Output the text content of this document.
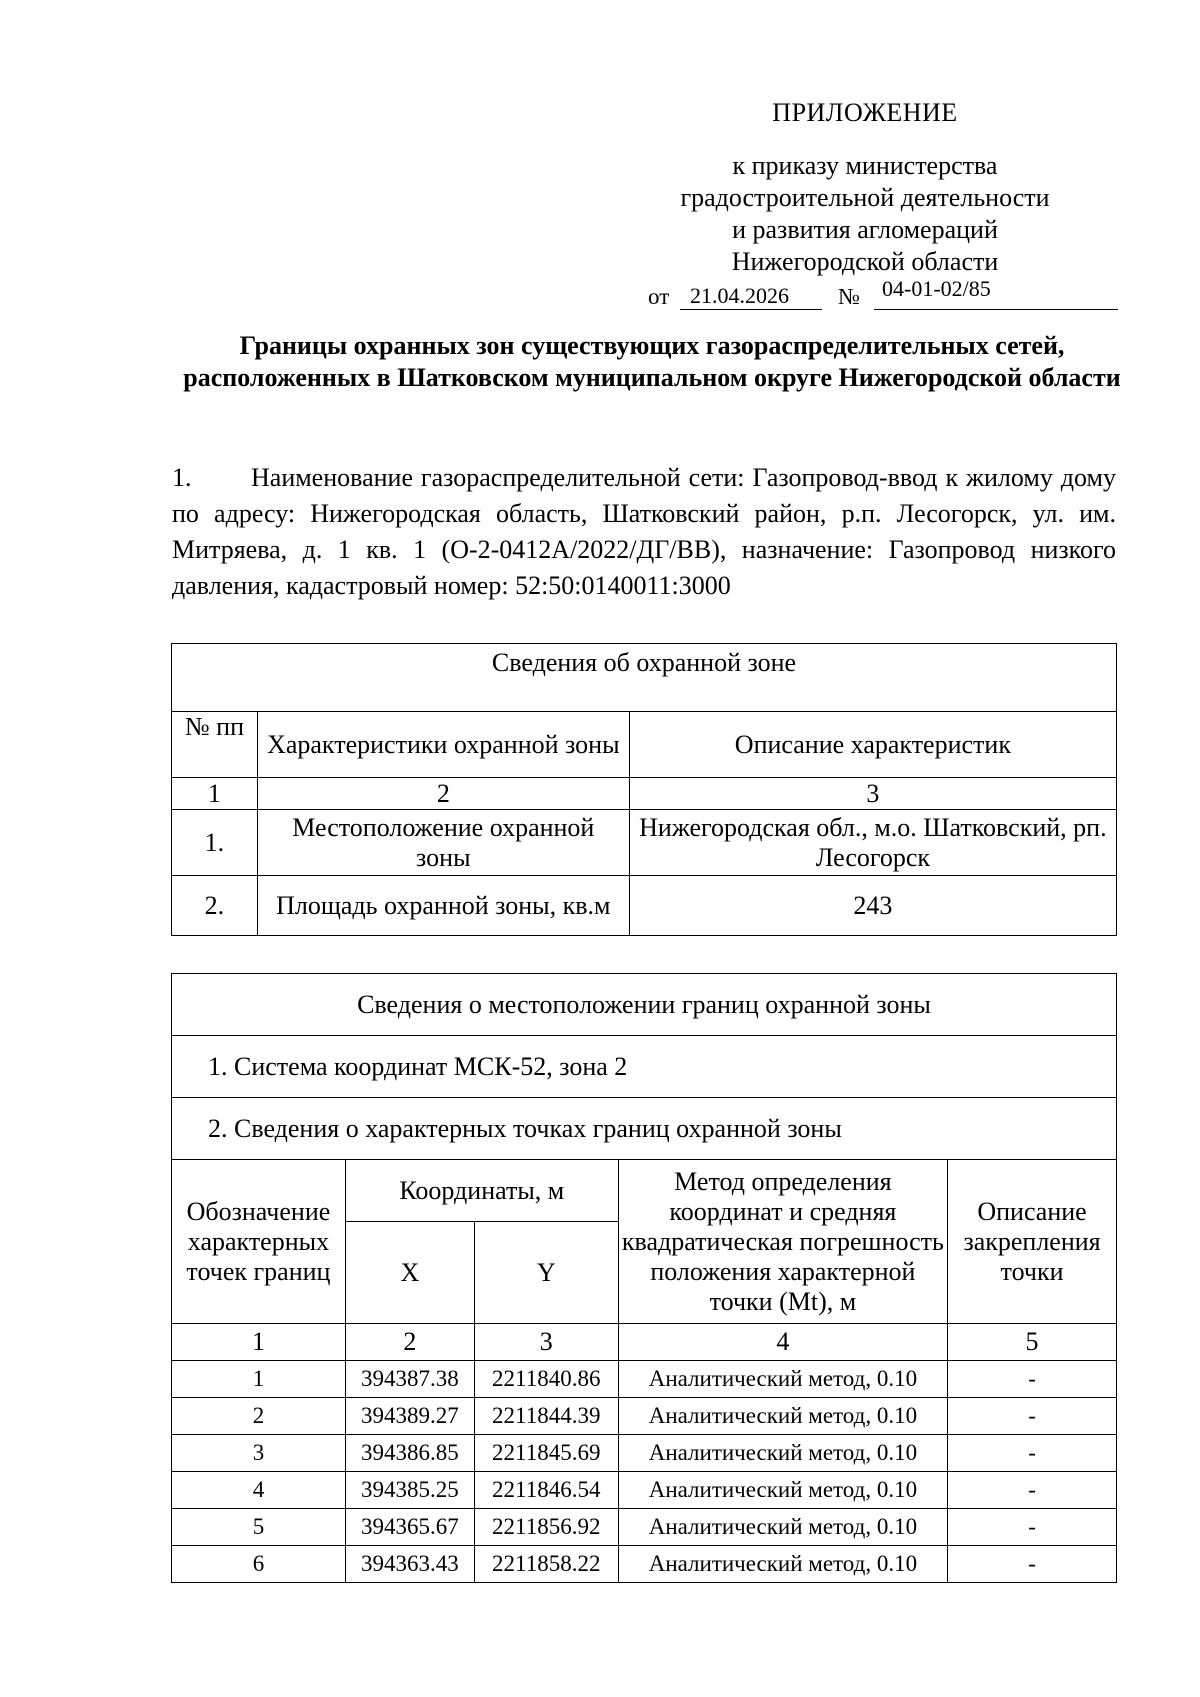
ПРИЛОЖЕНИЕ
к приказу министерства
градостроительной деятельности
и развития агломераций
Нижегородской области
от 21.04.2026 № 04-01-02/85
Границы охранных зон существующих газораспределительных сетей, расположенных в Шатковском муниципальном округе Нижегородской области
1. Наименование газораспределительной сети: Газопровод-ввод к жилому дому по адресу: Нижегородская область, Шатковский район, р.п. Лесогорск, ул. им. Митряева, д. 1 кв. 1 (О-2-0412А/2022/ДГ/ВВ), назначение: Газопровод низкого давления, кадастровый номер: 52:50:0140011:3000
Сведения об охранной зоне		
№ пп	Характеристики охранной зоны	Описание характеристик
1	2	3
1.	Местоположение охранной зоны	Нижегородская обл., м.о. Шатковский, рп. Лесогорск
2.	Площадь охранной зоны, кв.м	243
Сведения о местоположении границ охранной зоны				
1. Система координат МСК-52, зона 2				
2. Сведения о характерных точках границ охранной зоны				
Обозначение характерных точек границ	Координаты, м		Метод определения координат и средняя квадратическая погрешность положения характерной точки (Mt), м	Описание закрепления точки
	X	Y		
1	2	3	4	5
1	394387.38	2211840.86	Аналитический метод, 0.10	-
2	394389.27	2211844.39	Аналитический метод, 0.10	-
3	394386.85	2211845.69	Аналитический метод, 0.10	-
4	394385.25	2211846.54	Аналитический метод, 0.10	-
5	394365.67	2211856.92	Аналитический метод, 0.10	-
6	394363.43	2211858.22	Аналитический метод, 0.10	-
